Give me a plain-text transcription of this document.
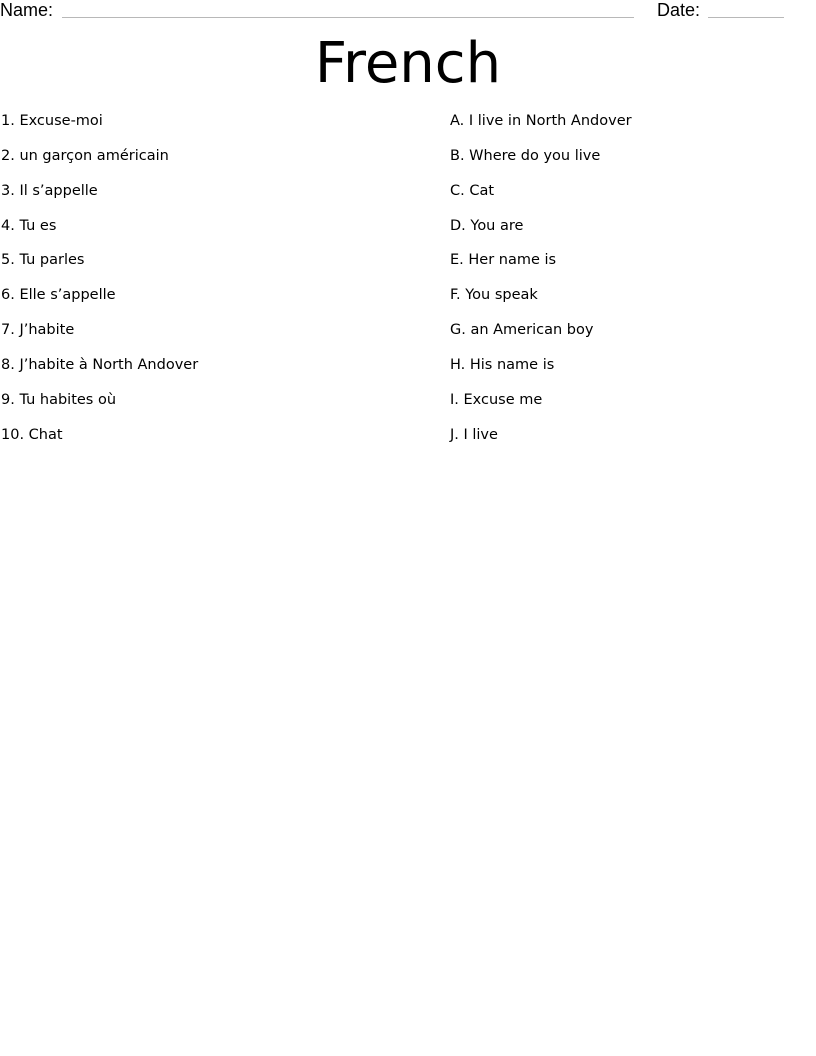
Name:	Date:
French
1. Excuse-moi
2. un garçon américain
3. Il s’appelle
4. Tu es
5. Tu parles
6. Elle s’appelle
7. J’habite
8. J’habite à North Andover
9. Tu habites où
10. Chat
A. I live in North Andover
B. Where do you live
C. Cat
D. You are
E. Her name is
F. You speak
G. an American boy
H. His name is
I. Excuse me
J. I live
